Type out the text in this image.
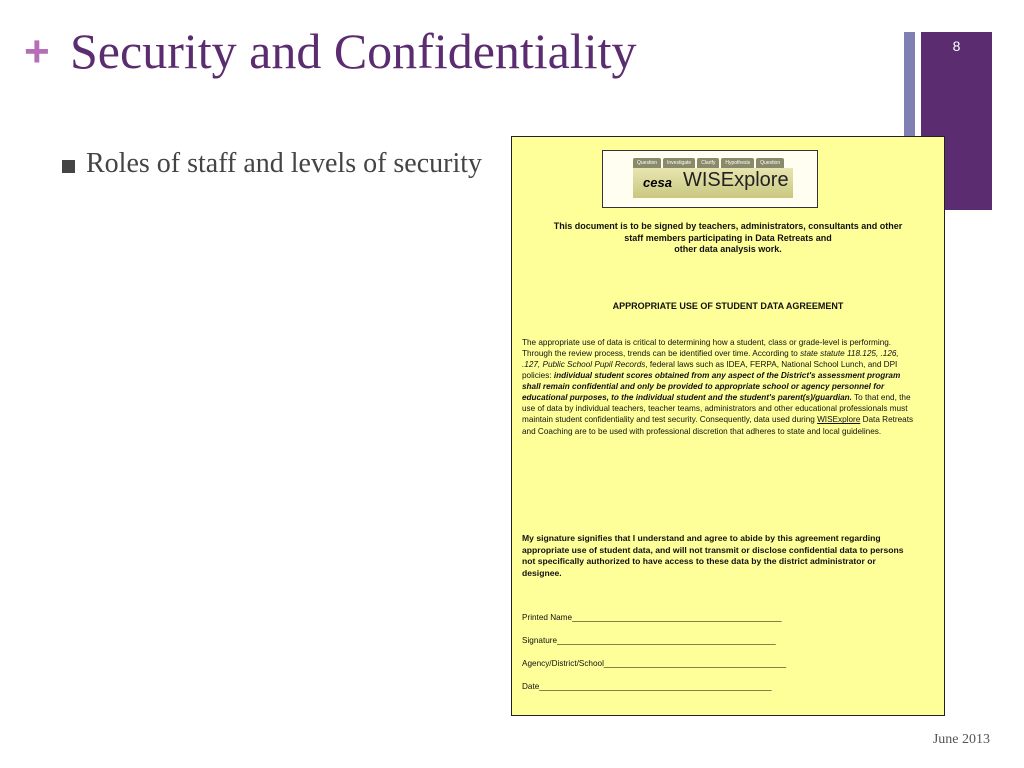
+ Security and Confidentiality	8
Roles of staff and levels of security	Question	Investigate	Clarify	Hypothesis	Question
cesa WISExplore
This document is to be signed by teachers, administrators, consultants and other
staff members participating in Data Retreats and
other data analysis work.
APPROPRIATE USE OF STUDENT DATA AGREEMENT
The appropriate use of data is critical to determining how a student, class or grade-level is performing. Through the review process, trends can be identified over time. According to state statute 118.125, .126, .127, Public School Pupil Records, federal laws such as IDEA, FERPA, National School Lunch, and DPI policies: individual student scores obtained from any aspect of the District's assessment program shall remain confidential and only be provided to appropriate school or agency personnel for educational purposes, to the individual student and the student's parent(s)/guardian. To that end, the use of data by individual teachers, teacher teams, administrators and other educational professionals must maintain student confidentiality and test security. Consequently, data used during WISExplore Data Retreats and Coaching are to be used with professional discretion that adheres to state and local guidelines.
My signature signifies that I understand and agree to abide by this agreement regarding appropriate use of student data, and will not transmit or disclose confidential data to persons not specifically authorized to have access to these data by the district administrator or designee.
Printed Name______________________________________________
Signature________________________________________________
Agency/District/School________________________________________
Date___________________________________________________
June 2013
